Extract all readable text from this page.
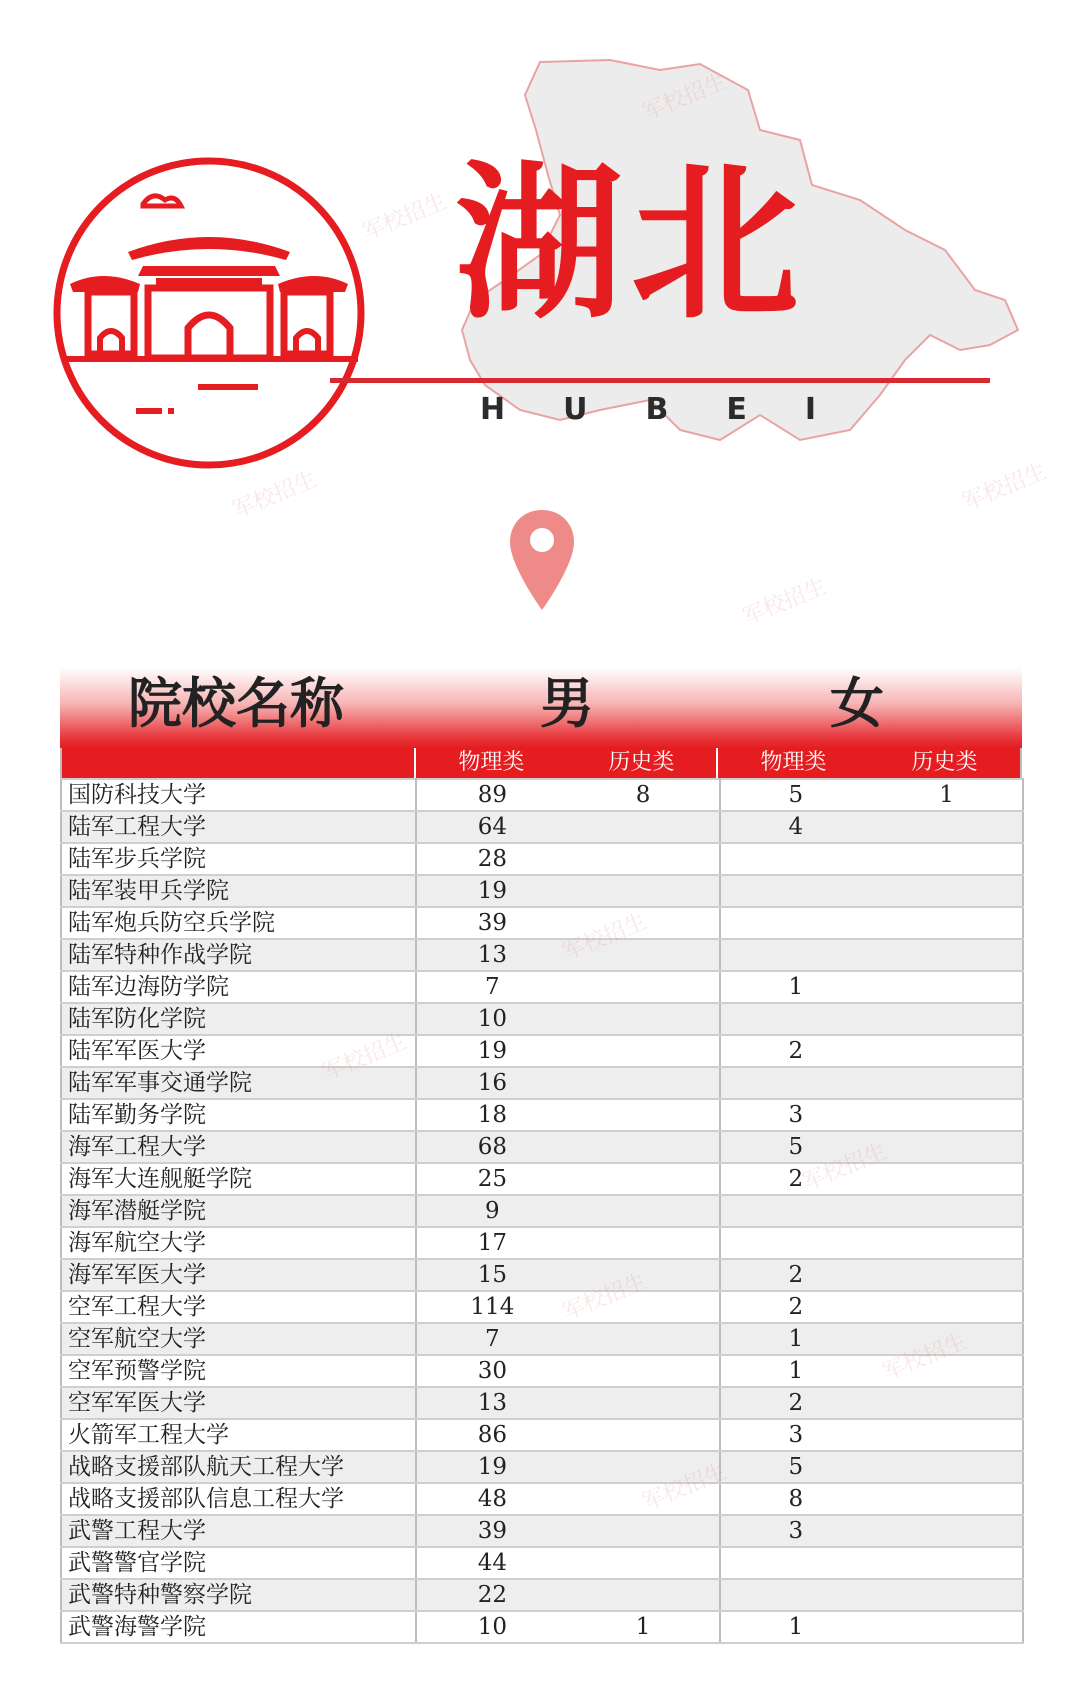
湖北
HUBEI
院校名称	男	女
物理类	历史类	物理类	历史类
国防科技大学	89	8	5	1
陆军工程大学	64		4	
陆军步兵学院	28			
陆军装甲兵学院	19			
陆军炮兵防空兵学院	39			
陆军特种作战学院	13			
陆军边海防学院	7		1	
陆军防化学院	10			
陆军军医大学	19		2	
陆军军事交通学院	16			
陆军勤务学院	18		3	
海军工程大学	68		5	
海军大连舰艇学院	25		2	
海军潜艇学院	9			
海军航空大学	17			
海军军医大学	15		2	
空军工程大学	114		2	
空军航空大学	7		1	
空军预警学院	30		1	
空军军医大学	13		2	
火箭军工程大学	86		3	
战略支援部队航天工程大学	19		5	
战略支援部队信息工程大学	48		8	
武警工程大学	39		3	
武警警官学院	44			
武警特种警察学院	22			
武警海警学院	10	1	1	
军校招生
军校招生
军校招生
军校招生
